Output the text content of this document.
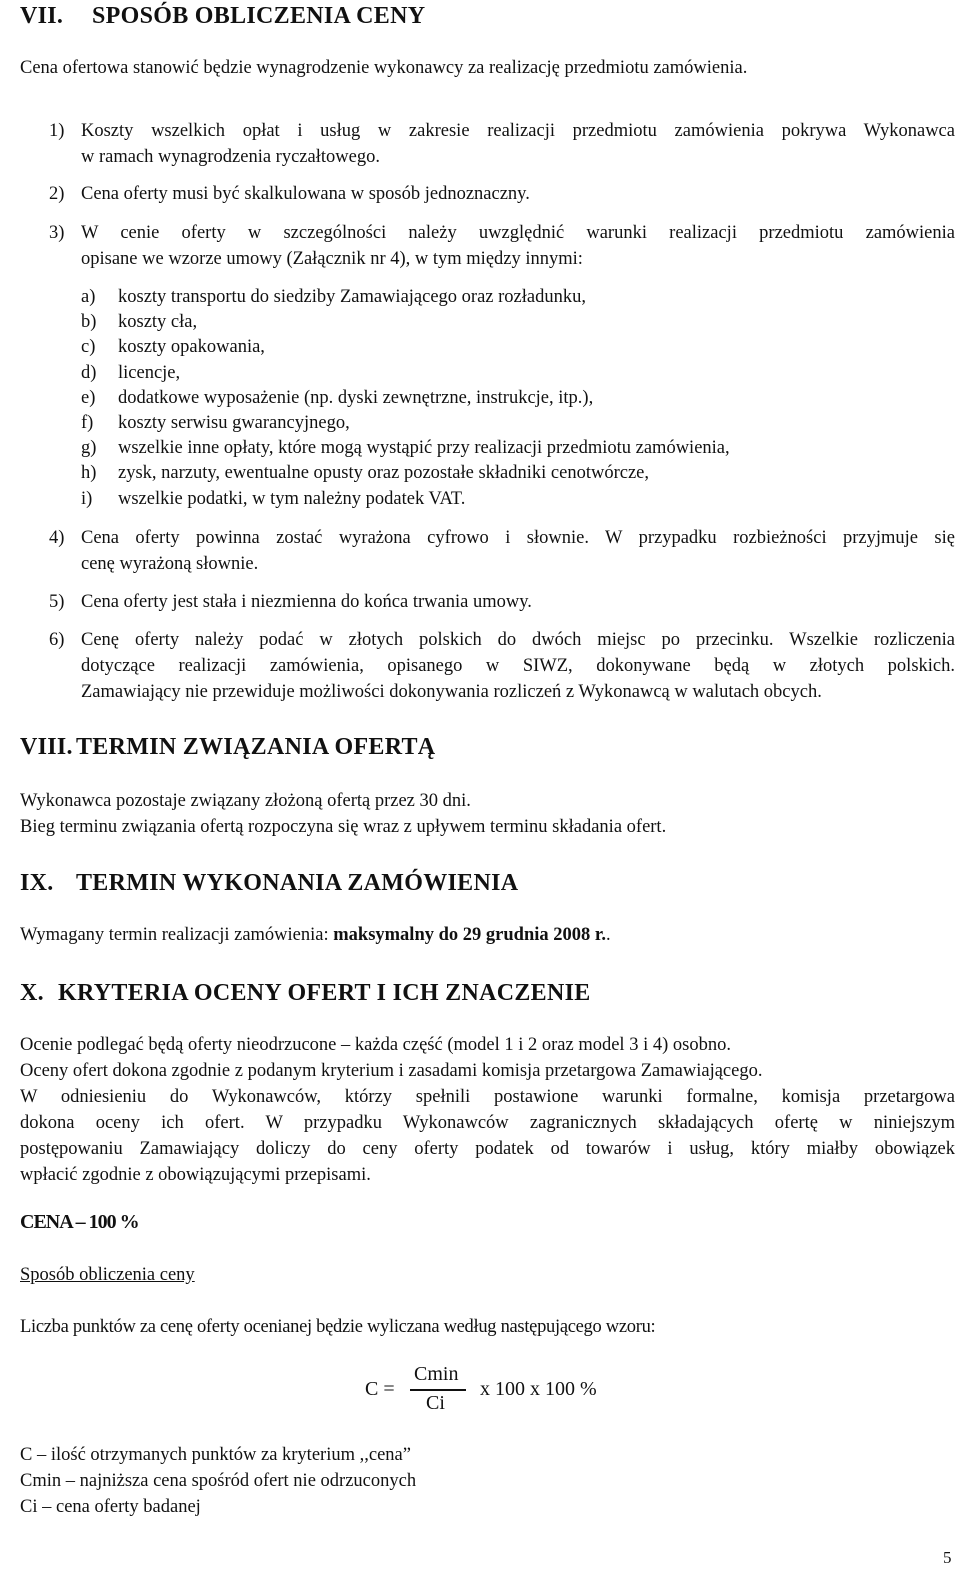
VII. SPOSÓB OBLICZENIA CENY
Cena ofertowa stanowić będzie wynagrodzenie wykonawcy za realizację przedmiotu zamówienia.
1) Koszty wszelkich opłat i usług w zakresie realizacji przedmiotu zamówienia pokrywa Wykonawca
w ramach wynagrodzenia ryczałtowego.
2) Cena oferty musi być skalkulowana w sposób jednoznaczny.
3) W cenie oferty w szczególności należy uwzględnić warunki realizacji przedmiotu zamówienia
opisane we wzorze umowy (Załącznik nr 4), w tym między innymi:
a) koszty transportu do siedziby Zamawiającego oraz rozładunku,
b) koszty cła,
c) koszty opakowania,
d) licencje,
e) dodatkowe wyposażenie (np. dyski zewnętrzne, instrukcje, itp.),
f) koszty serwisu gwarancyjnego,
g) wszelkie inne opłaty, które mogą wystąpić przy realizacji przedmiotu zamówienia,
h) zysk, narzuty, ewentualne opusty oraz pozostałe składniki cenotwórcze,
i) wszelkie podatki, w tym należny podatek VAT.
4) Cena oferty powinna zostać wyrażona cyfrowo i słownie. W przypadku rozbieżności przyjmuje się
cenę wyrażoną słownie.
5) Cena oferty jest stała i niezmienna do końca trwania umowy.
6) Cenę oferty należy podać w złotych polskich do dwóch miejsc po przecinku. Wszelkie rozliczenia
dotyczące realizacji zamówienia, opisanego w SIWZ, dokonywane będą w złotych polskich.
Zamawiający nie przewiduje możliwości dokonywania rozliczeń z Wykonawcą w walutach obcych.
VIII. TERMIN ZWIĄZANIA OFERTĄ
Wykonawca pozostaje związany złożoną ofertą przez 30 dni.
Bieg terminu związania ofertą rozpoczyna się wraz z upływem terminu składania ofert.
IX. TERMIN WYKONANIA ZAMÓWIENIA
Wymagany termin realizacji zamówienia: maksymalny do 29 grudnia 2008 r..
X. KRYTERIA OCENY OFERT I ICH ZNACZENIE
Ocenie podlegać będą oferty nieodrzucone – każda część (model 1 i 2 oraz model 3 i 4) osobno.
Oceny ofert dokona zgodnie z podanym kryterium i zasadami komisja przetargowa Zamawiającego.
W odniesieniu do Wykonawców, którzy spełnili postawione warunki formalne, komisja przetargowa
dokona oceny ich ofert. W przypadku Wykonawców zagranicznych składających ofertę w niniejszym
postępowaniu Zamawiający doliczy do ceny oferty podatek od towarów i usług, który miałby obowiązek
wpłacić zgodnie z obowiązującymi przepisami.
CENA – 100 %
Sposób obliczenia ceny
Liczba punktów za cenę oferty ocenianej będzie wyliczana według następującego wzoru:
C =
Cmin
Ci
x 100 x 100 %
C – ilość otrzymanych punktów za kryterium ,,cena”
Cmin – najniższa cena spośród ofert nie odrzuconych
Ci – cena oferty badanej
5
